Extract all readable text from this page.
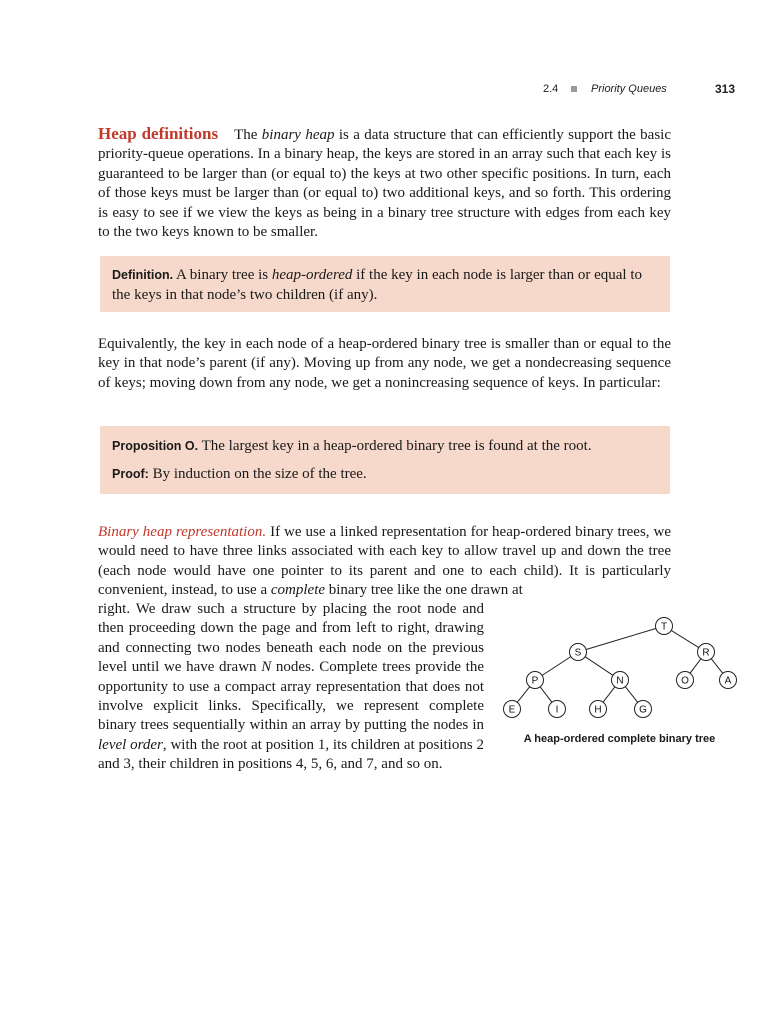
2.4	Priority Queues	313

Heap definitions The binary heap is a data structure that can efficiently support the basic priority-queue operations. In a binary heap, the keys are stored in an array such that each key is guaranteed to be larger than (or equal to) the keys at two other specific positions. In turn, each of those keys must be larger than (or equal to) two additional keys, and so forth. This ordering is easy to see if we view the keys as being in a binary tree structure with edges from each key to the two keys known to be smaller.

Definition. A binary tree is heap-ordered if the key in each node is larger than or equal to the keys in that node’s two children (if any).

Equivalently, the key in each node of a heap-ordered binary tree is smaller than or equal to the key in that node’s parent (if any). Moving up from any node, we get a nondecreasing sequence of keys; moving down from any node, we get a nonincreasing sequence of keys. In particular:

Proposition O. The largest key in a heap-ordered binary tree is found at the root.

Proof: By induction on the size of the tree.

Binary heap representation. If we use a linked representation for heap-ordered binary trees, we would need to have three links associated with each key to allow travel up and down the tree (each node would have one pointer to its parent and one to each child). It is particularly convenient, instead, to use a complete binary tree like the one drawn at

T
S	R
P	N	O	A
E	I	H	G
A heap-ordered complete binary tree

right. We draw such a structure by placing the root node and then proceeding down the page and from left to right, drawing and connecting two nodes beneath each node on the previous level until we have drawn N nodes. Complete trees provide the opportunity to use a compact array representation that does not involve explicit links. Specifically, we represent complete binary trees sequentially within an array by putting the nodes in level order, with the root at position 1, its children at positions 2 and 3, their children in positions 4, 5, 6, and 7, and so on.
